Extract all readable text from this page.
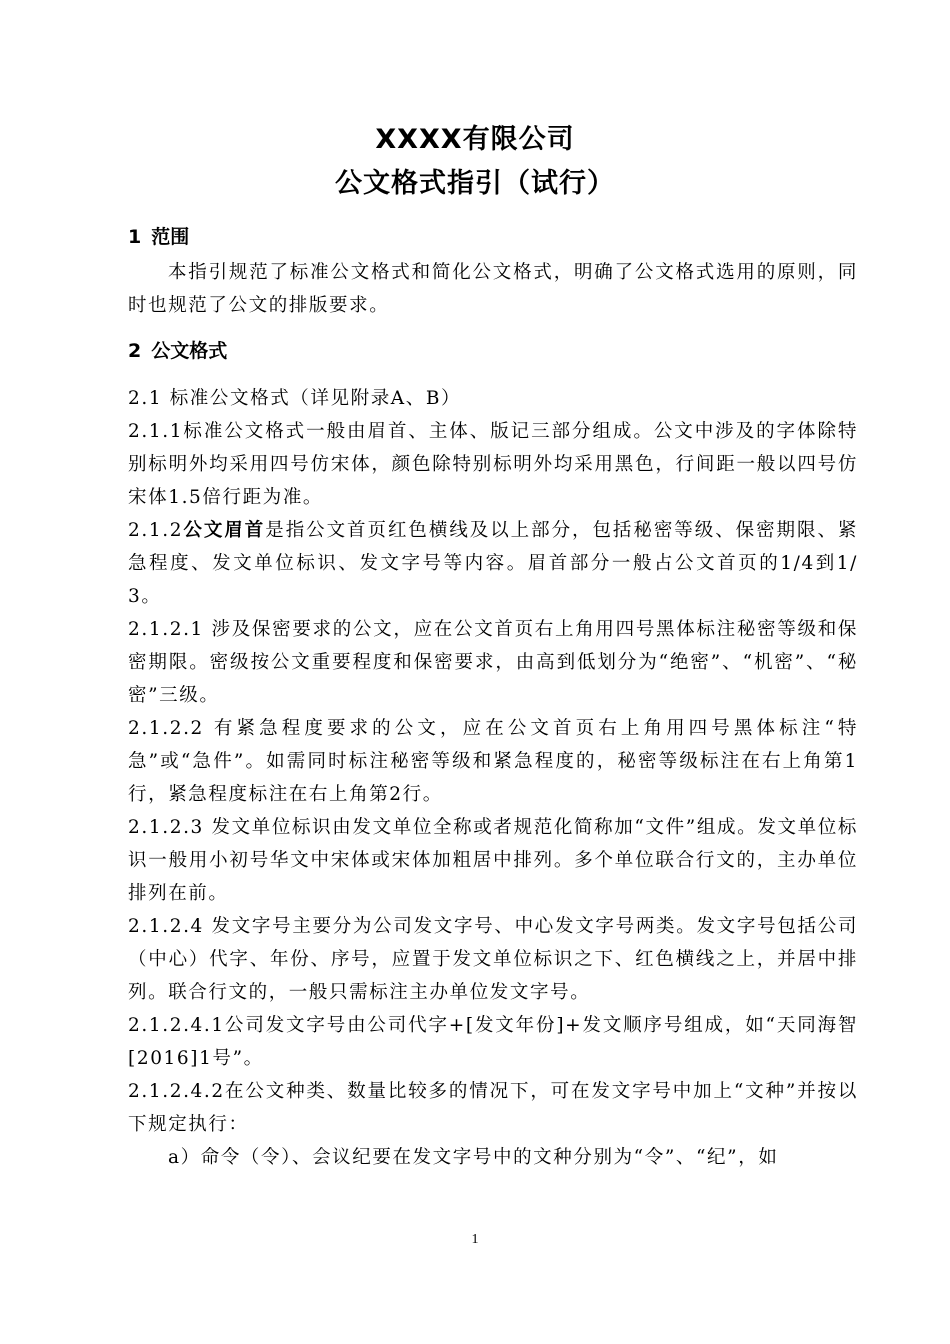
XXXX有限公司
公文格式指引（试行）
1 范围

本指引规范了标准公文格式和简化公文格式，明确了公文格式选用的原则，同时也规范了公文的排版要求。

2 公文格式

2.1 标准公文格式（详见附录A、B）

2.1.1标准公文格式一般由眉首、主体、版记三部分组成。公文中涉及的字体除特别标明外均采用四号仿宋体，颜色除特别标明外均采用黑色，行间距一般以四号仿宋体1.5倍行距为准。

2.1.2公文眉首是指公文首页红色横线及以上部分，包括秘密等级、保密期限、紧急程度、发文单位标识、发文字号等内容。眉首部分一般占公文首页的1/4到1/3。

2.1.2.1 涉及保密要求的公文，应在公文首页右上角用四号黑体标注秘密等级和保密期限。密级按公文重要程度和保密要求，由高到低划分为“绝密”、“机密”、“秘密”三级。

2.1.2.2 有紧急程度要求的公文，应在公文首页右上角用四号黑体标注“特急”或“急件”。如需同时标注秘密等级和紧急程度的，秘密等级标注在右上角第1行，紧急程度标注在右上角第2行。

2.1.2.3 发文单位标识由发文单位全称或者规范化简称加“文件”组成。发文单位标识一般用小初号华文中宋体或宋体加粗居中排列。多个单位联合行文的，主办单位排列在前。

2.1.2.4 发文字号主要分为公司发文字号、中心发文字号两类。发文字号包括公司（中心）代字、年份、序号，应置于发文单位标识之下、红色横线之上，并居中排列。联合行文的，一般只需标注主办单位发文字号。

2.1.2.4.1公司发文字号由公司代字+[发文年份]+发文顺序号组成，如“天同海智[2016]1号”。

2.1.2.4.2在公文种类、数量比较多的情况下，可在发文字号中加上“文种”并按以下规定执行：

a）命令（令）、会议纪要在发文字号中的文种分别为“令”、“纪”，如

1
